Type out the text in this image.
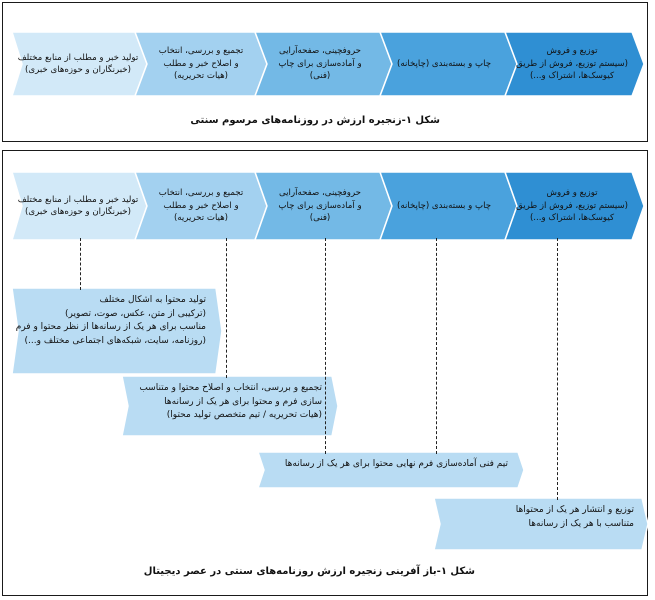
توزیع و فروش
(سیستم توزیع، فروش از طریق
کیوسک‌ها، اشتراک و...)
چاپ و بسته‌بندی (چاپخانه)
حروفچینی، صفحه‌آرایی
و آماده‌سازی برای چاپ
(فنی)
تجمیع و بررسی، انتخاب
و اصلاح خبر و مطلب
(هیات تحریریه)
تولید خبر و مطلب از منابع مختلف
(خبرنگاران و حوزه‌های خبری)
شکل ۱-زنجیره ارزش در روزنامه‌های مرسوم سنتی
توزیع و فروش
(سیستم توزیع، فروش از طریق
کیوسک‌ها، اشتراک و...)
چاپ و بسته‌بندی (چاپخانه)
حروفچینی، صفحه‌آرایی
و آماده‌سازی برای چاپ
(فنی)
تجمیع و بررسی، انتخاب
و اصلاح خبر و مطلب
(هیات تحریریه)
تولید خبر و مطلب از منابع مختلف
(خبرنگاران و حوزه‌های خبری)
تولید محتوا به اشکال مختلف
(ترکیبی از متن، عکس، صوت، تصویر)
مناسب برای هر یک از رسانه‌ها از نظر محتوا و فرم
(روزنامه، سایت، شبکه‌های اجتماعی مختلف و...)
تجمیع و بررسی، انتخاب و اصلاح محتوا و متناسب
سازی فرم و محتوا برای هر یک از رسانه‌ها
(هیات تحریریه / تیم متخصص تولید محتوا)
تیم فنی آماده‌سازی فرم نهایی محتوا برای هر یک از رسانه‌ها
توزیع و انتشار هر یک از محتواها
متناسب با هر یک از رسانه‌ها
شکل ۱-باز آفرینی زنجیره ارزش روزنامه‌های سنتی در عصر دیجیتال
